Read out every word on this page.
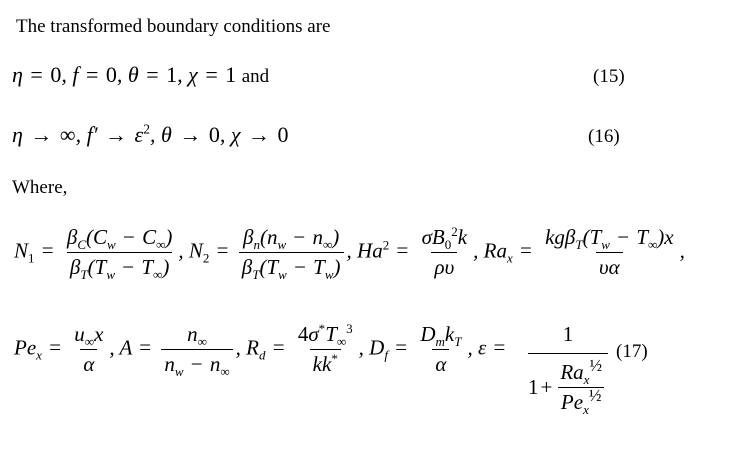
The transformed boundary conditions are
η = 0, f = 0, θ = 1, χ = 1 and	(15)
η → ∞, $f' \to \varepsilon^2$, θ → 0, χ → 0	(16)
Where,
$N_1 = \frac{\beta_C(C_w - C_\infty)}{\beta_T(T_w - T_\infty)}$ , $N_2 = \frac{\beta_n(n_w - n_\infty)}{\beta_T(T_w - T_w)}$ , $Ha^2 = \frac{\sigma B_0^2k}{\rho\upsilon}$ , $Ra_x = \frac{kg\beta_T(T_w - T_\infty)x}{\upsilon\alpha}$ ,
$Pe_x = \frac{u_\infty x}{\alpha}$ , $A = \frac{n_\infty}{n_w - n_\infty}$ , $R_d = \frac{4\sigma^*T_\infty^3}{kk^*}$ , $D_f = \frac{D_mk_T}{\alpha}$ , ε =
1
$1 + \frac{Ra_x^{\frac{1}{2}}}{Pe_x^{\frac{1}{2}}}$
(17)
